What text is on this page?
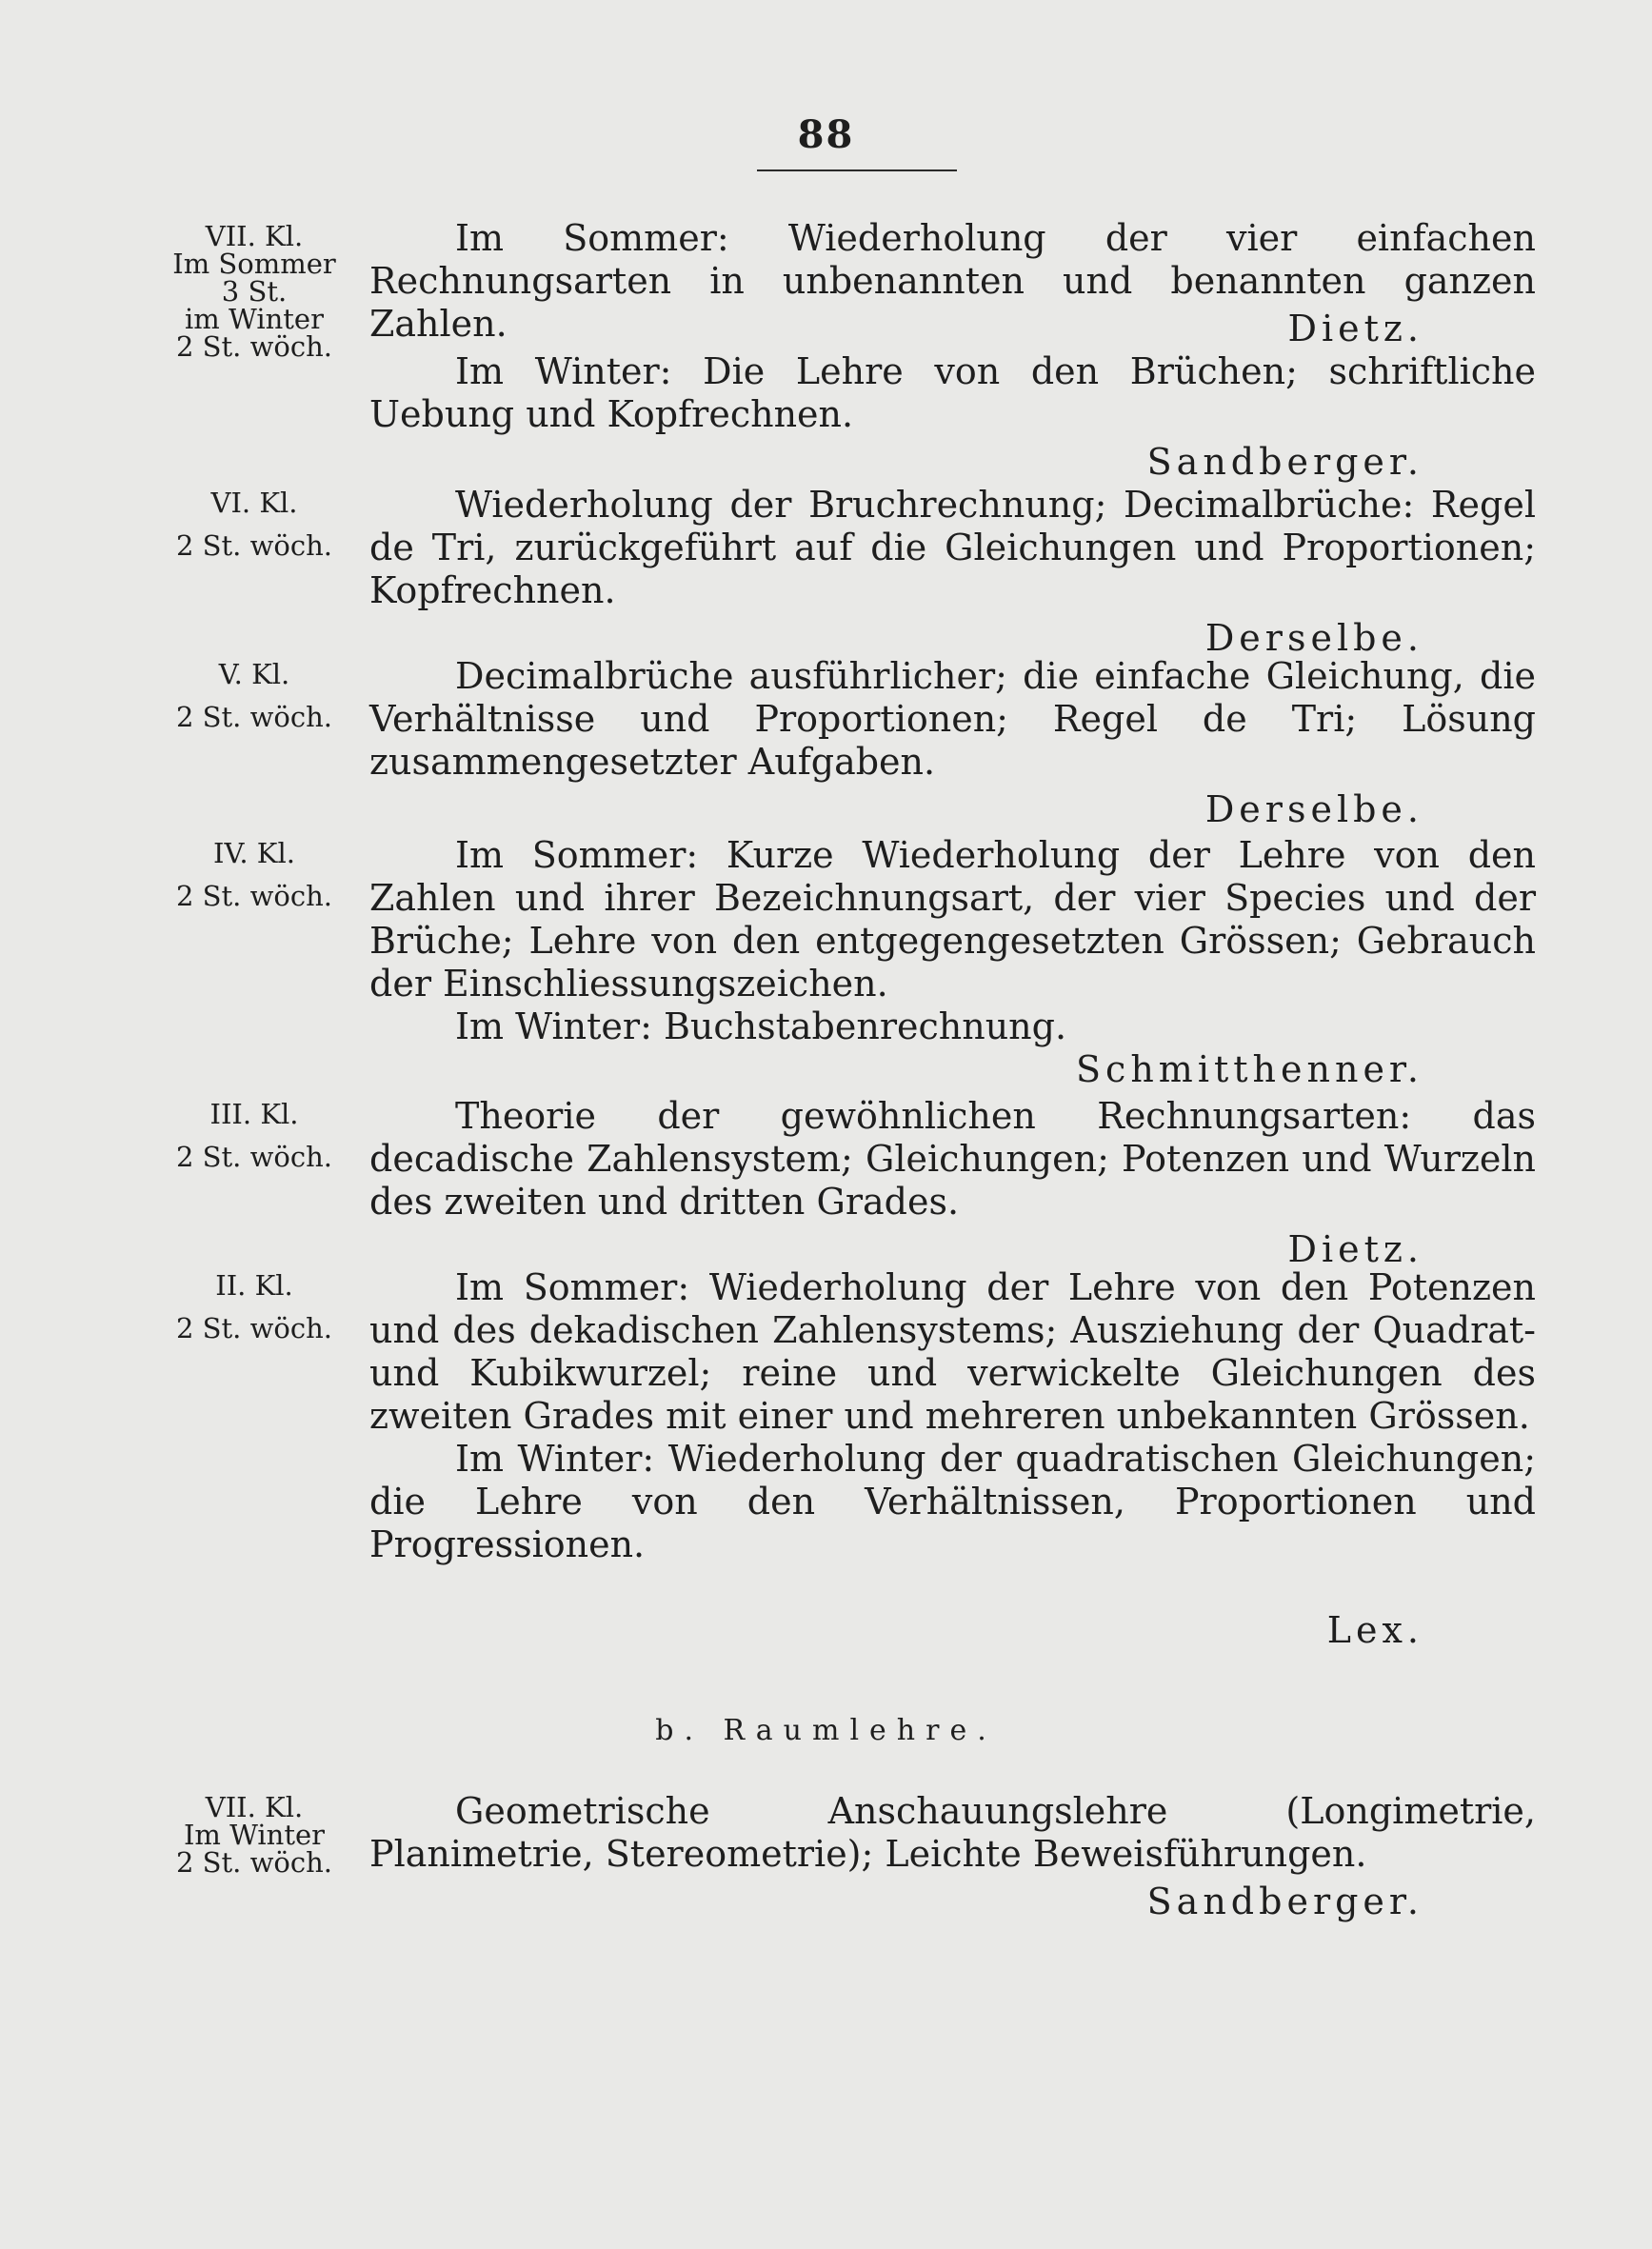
88
VII. Kl.
Im Sommer
3 St.
im Winter
2 St. wöch.

Im Sommer: Wiederholung der vier einfachen Rechnungsarten in unbenannten und benannten ganzen Zahlen.	Dietz.

Im Winter: Die Lehre von den Brüchen; schriftliche Uebung und Kopfrechnen.

Sandberger.
VI. Kl.
2 St. wöch.

Wiederholung der Bruchrechnung; Decimalbrüche: Regel de Tri, zurückgeführt auf die Gleichungen und Proportionen; Kopfrechnen.

Derselbe.
V. Kl.
2 St. wöch.

Decimalbrüche ausführlicher; die einfache Gleichung, die Verhältnisse und Proportionen; Regel de Tri; Lösung zusammengesetzter Aufgaben.

Derselbe.
IV. Kl.
2 St. wöch.

Im Sommer: Kurze Wiederholung der Lehre von den Zahlen und ihrer Bezeichnungsart, der vier Species und der Brüche; Lehre von den entgegengesetzten Grössen; Gebrauch der Einschliessungszeichen.

Im Winter: Buchstabenrechnung.

Schmitthenner.
III. Kl.
2 St. wöch.

Theorie der gewöhnlichen Rechnungsarten: das decadische Zahlensystem; Gleichungen; Potenzen und Wurzeln des zweiten und dritten Grades.

Dietz.
II. Kl.
2 St. wöch.

Im Sommer: Wiederholung der Lehre von den Potenzen und des dekadischen Zahlensystems; Ausziehung der Quadrat- und Kubikwurzel; reine und verwickelte Gleichungen des zweiten Grades mit einer und mehreren unbekannten Grössen.

Im Winter: Wiederholung der quadratischen Gleichungen; die Lehre von den Verhältnissen, Proportionen und Progressionen.

Lex.
b. Raumlehre.
VII. Kl.
Im Winter
2 St. wöch.

Geometrische Anschauungslehre (Longimetrie, Planimetrie, Stereometrie); Leichte Beweisführungen.

Sandberger.
